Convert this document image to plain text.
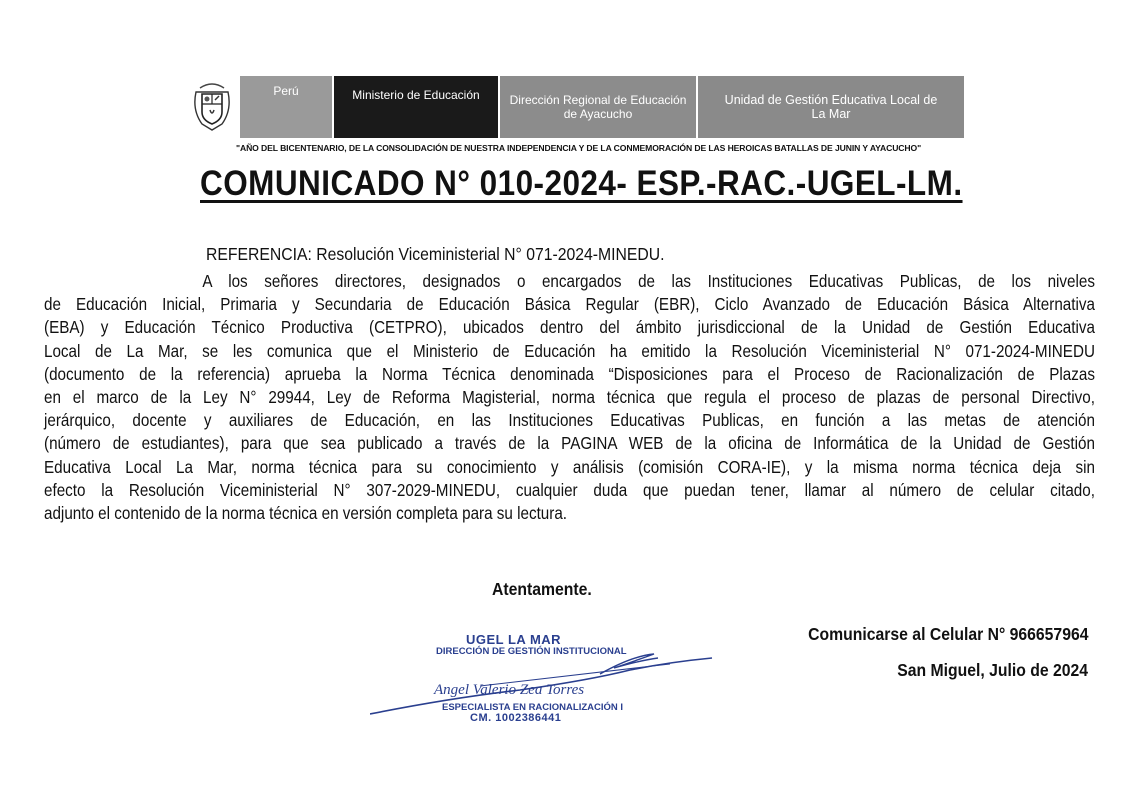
Perú	Ministerio de Educación Dirección Regional de Educación
de Ayacucho
Unidad de Gestión Educativa Local de
La Mar
"AÑO DEL BICENTENARIO, DE LA CONSOLIDACIÓN DE NUESTRA INDEPENDENCIA Y DE LA CONMEMORACIÓN DE LAS HEROICAS BATALLAS DE JUNIN Y AYACUCHO"
COMUNICADO N° 010-2024- ESP.-RAC.-UGEL-LM.
REFERENCIA: Resolución Viceministerial N° 071-2024-MINEDU.
A los señores directores, designados o encargados de las Instituciones Educativas Publicas, de los niveles
de Educación Inicial, Primaria y Secundaria de Educación Básica Regular (EBR), Ciclo Avanzado de Educación Básica Alternativa
(EBA) y Educación Técnico Productiva (CETPRO), ubicados dentro del ámbito jurisdiccional de la Unidad de Gestión Educativa
Local de La Mar, se les comunica que el Ministerio de Educación ha emitido la Resolución Viceministerial N° 071-2024-MINEDU
(documento de la referencia) aprueba la Norma Técnica denominada “Disposiciones para el Proceso de Racionalización de Plazas
en el marco de la Ley N° 29944, Ley de Reforma Magisterial, norma técnica que regula el proceso de plazas de personal Directivo,
jerárquico, docente y auxiliares de Educación, en las Instituciones Educativas Publicas, en función a las metas de atención
(número de estudiantes), para que sea publicado a través de la PAGINA WEB de la oficina de Informática de la Unidad de Gestión
Educativa Local La Mar, norma técnica para su conocimiento y análisis (comisión CORA-IE), y la misma norma técnica deja sin
efecto la Resolución Viceministerial N° 307-2029-MINEDU, cualquier duda que puedan tener, llamar al número de celular citado,
adjunto el contenido de la norma técnica en versión completa para su lectura.
Atentamente.
UGEL LA MAR
DIRECCIÓN DE GESTIÓN INSTITUCIONAL
Angel Valerio Zea Torres
ESPECIALISTA EN RACIONALIZACIÓN I
CM. 1002386441
Comunicarse al Celular N° 966657964
San Miguel, Julio de 2024
